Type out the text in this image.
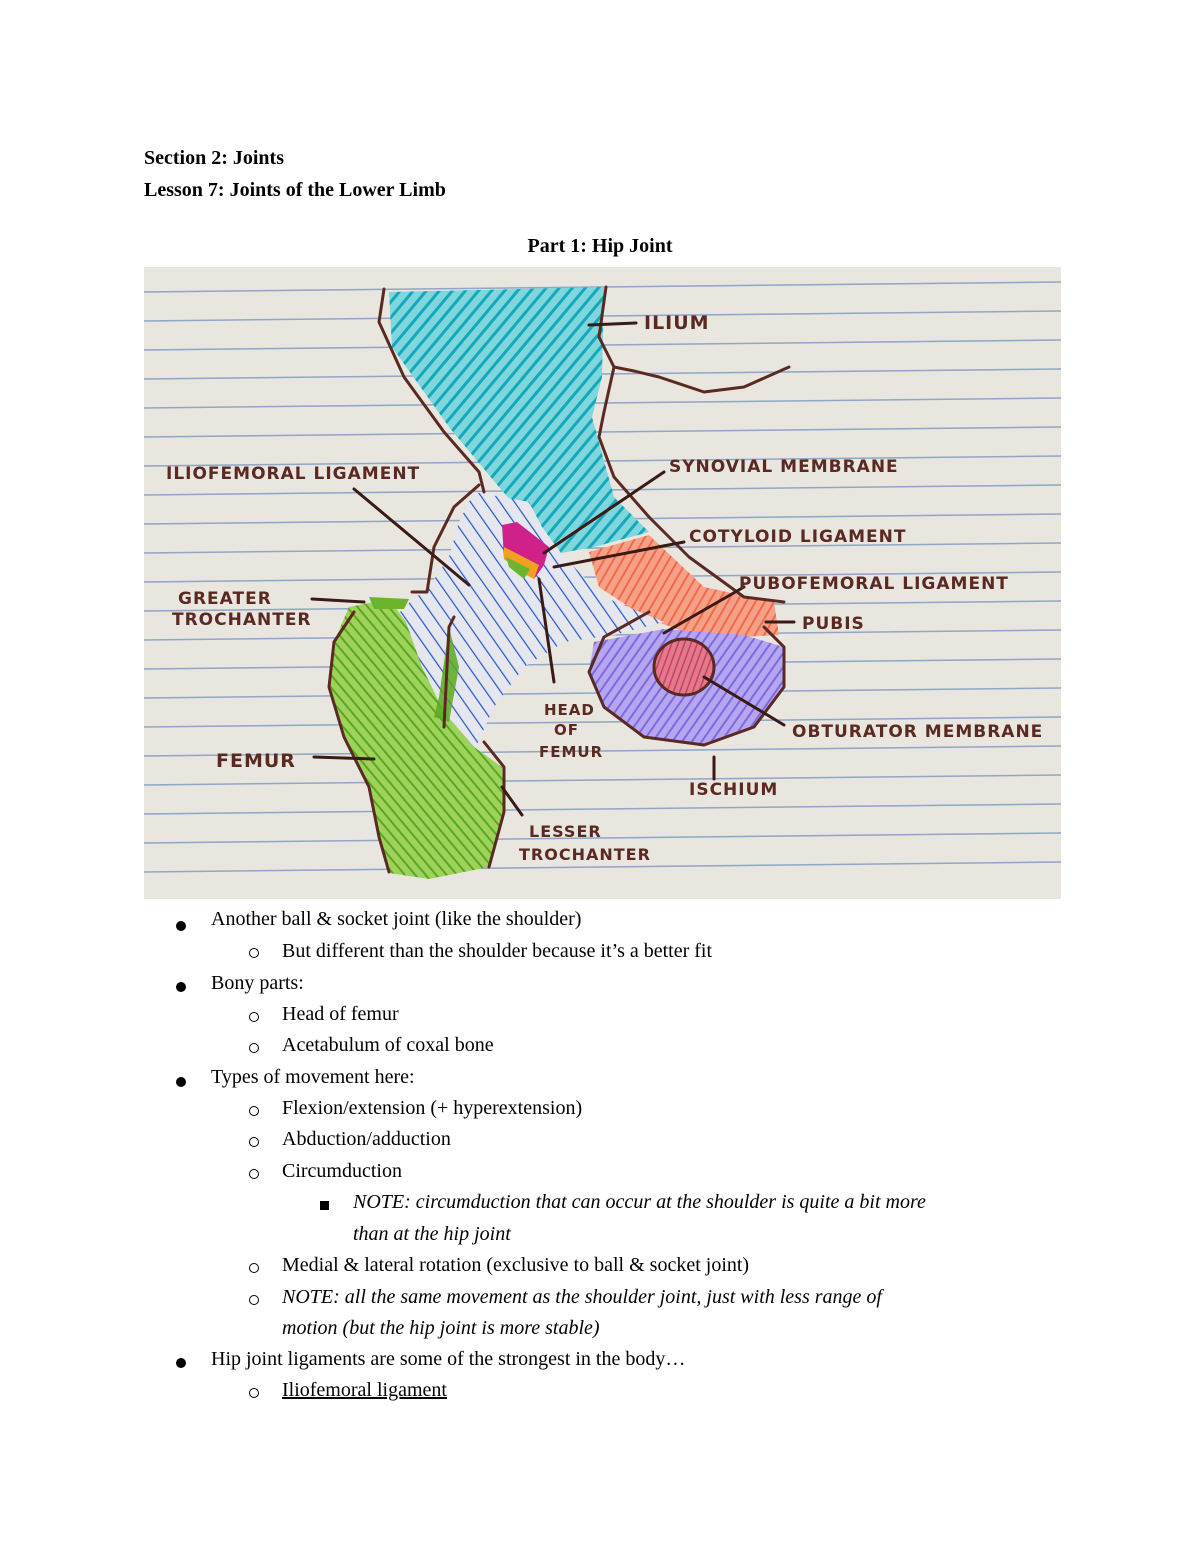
Section 2: Joints
Lesson 7: Joints of the Lower Limb
Part 1: Hip Joint
ILIUM
ILIOFEMORAL LIGAMENT	SYNOVIAL MEMBRANE
COTYLOID LIGAMENT
PUBOFEMORAL LIGAMENT
PUBIS
GREATER
TROCHANTER
FEMUR
HEAD
OF
FEMUR
OBTURATOR MEMBRANE
ISCHIUM
LESSER
TROCHANTER
Another ball & socket joint (like the shoulder)
But different than the shoulder because it’s a better fit
Bony parts:
Head of femur
Acetabulum of coxal bone
Types of movement here:
Flexion/extension (+ hyperextension)
Abduction/adduction
Circumduction
NOTE: circumduction that can occur at the shoulder is quite a bit more
than at the hip joint
Medial & lateral rotation (exclusive to ball & socket joint)
NOTE: all the same movement as the shoulder joint, just with less range of
motion (but the hip joint is more stable)
Hip joint ligaments are some of the strongest in the body…
Iliofemoral ligament
